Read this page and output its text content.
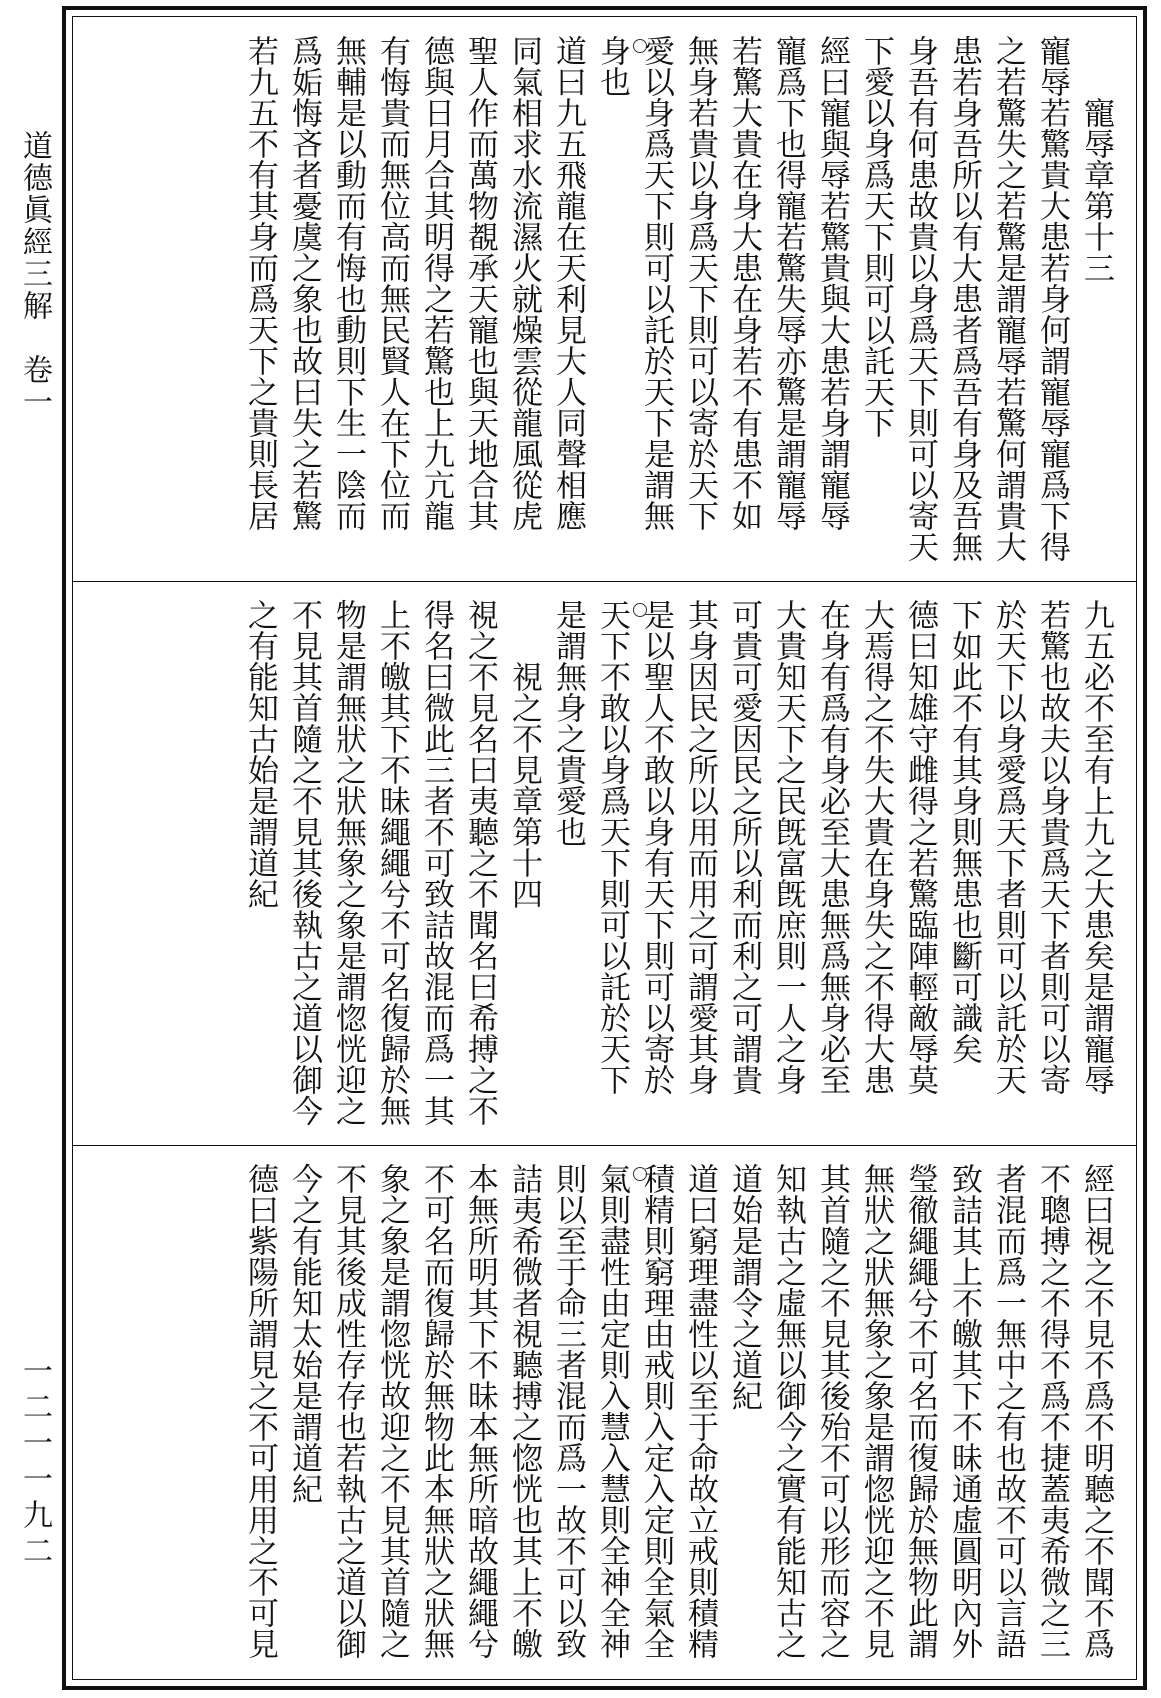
道德眞經三解　卷一
一二一一九二
　　寵辱章第十三
寵辱若驚貴大患若身何謂寵辱寵爲下得
之若驚失之若驚是謂寵辱若驚何謂貴大
患若身吾所以有大患者爲吾有身及吾無
身吾有何患故貴以身爲天下則可以寄天
下愛以身爲天下則可以託天下
經曰寵與辱若驚貴與大患若身謂寵辱
寵爲下也得寵若驚失辱亦驚是謂寵辱
若驚大貴在身大患在身若不有患不如
無身若貴以身爲天下則可以寄於天下
愛以身爲天下則可以託於天下是謂無
身也
道曰九五飛龍在天利見大人同聲相應
同氣相求水流濕火就燥雲從龍風從虎
聖人作而萬物覩承天寵也與天地合其
德與日月合其明得之若驚也上九亢龍
有悔貴而無位高而無民賢人在下位而
無輔是以動而有悔也動則下生一陰而
爲姤悔吝者憂虞之象也故曰失之若驚
若九五不有其身而爲天下之貴則長居
九五必不至有上九之大患矣是謂寵辱
若驚也故夫以身貴爲天下者則可以寄
於天下以身愛爲天下者則可以託於天
下如此不有其身則無患也斷可識矣
德曰知雄守雌得之若驚臨陣輕敵辱莫
大焉得之不失大貴在身失之不得大患
在身有爲有身必至大患無爲無身必至
大貴知天下之民旣富旣庶則一人之身
可貴可愛因民之所以利而利之可謂貴
其身因民之所以用而用之可謂愛其身
是以聖人不敢以身有天下則可以寄於
天下不敢以身爲天下則可以託於天下
是謂無身之貴愛也
　　視之不見章第十四
視之不見名曰夷聽之不聞名曰希搏之不
得名曰微此三者不可致詰故混而爲一其
上不皦其下不昧繩繩兮不可名復歸於無
物是謂無狀之狀無象之象是謂惚恍迎之
不見其首隨之不見其後執古之道以御今
之有能知古始是謂道紀
經曰視之不見不爲不明聽之不聞不爲
不聰搏之不得不爲不捷蓋夷希微之三
者混而爲一無中之有也故不可以言語
致詰其上不皦其下不昧通虛圓明內外
瑩徹繩繩兮不可名而復歸於無物此謂
無狀之狀無象之象是謂惚恍迎之不見
其首隨之不見其後殆不可以形而容之
知執古之虛無以御今之實有能知古之
道始是謂令之道紀
道曰窮理盡性以至于命故立戒則積精
積精則窮理由戒則入定入定則全氣全
氣則盡性由定則入慧入慧則全神全神
則以至于命三者混而爲一故不可以致
詰夷希微者視聽搏之惚恍也其上不皦
本無所明其下不昧本無所暗故繩繩兮
不可名而復歸於無物此本無狀之狀無
象之象是謂惚恍故迎之不見其首隨之
不見其後成性存存也若執古之道以御
今之有能知太始是謂道紀
德曰紫陽所謂見之不可用用之不可見
